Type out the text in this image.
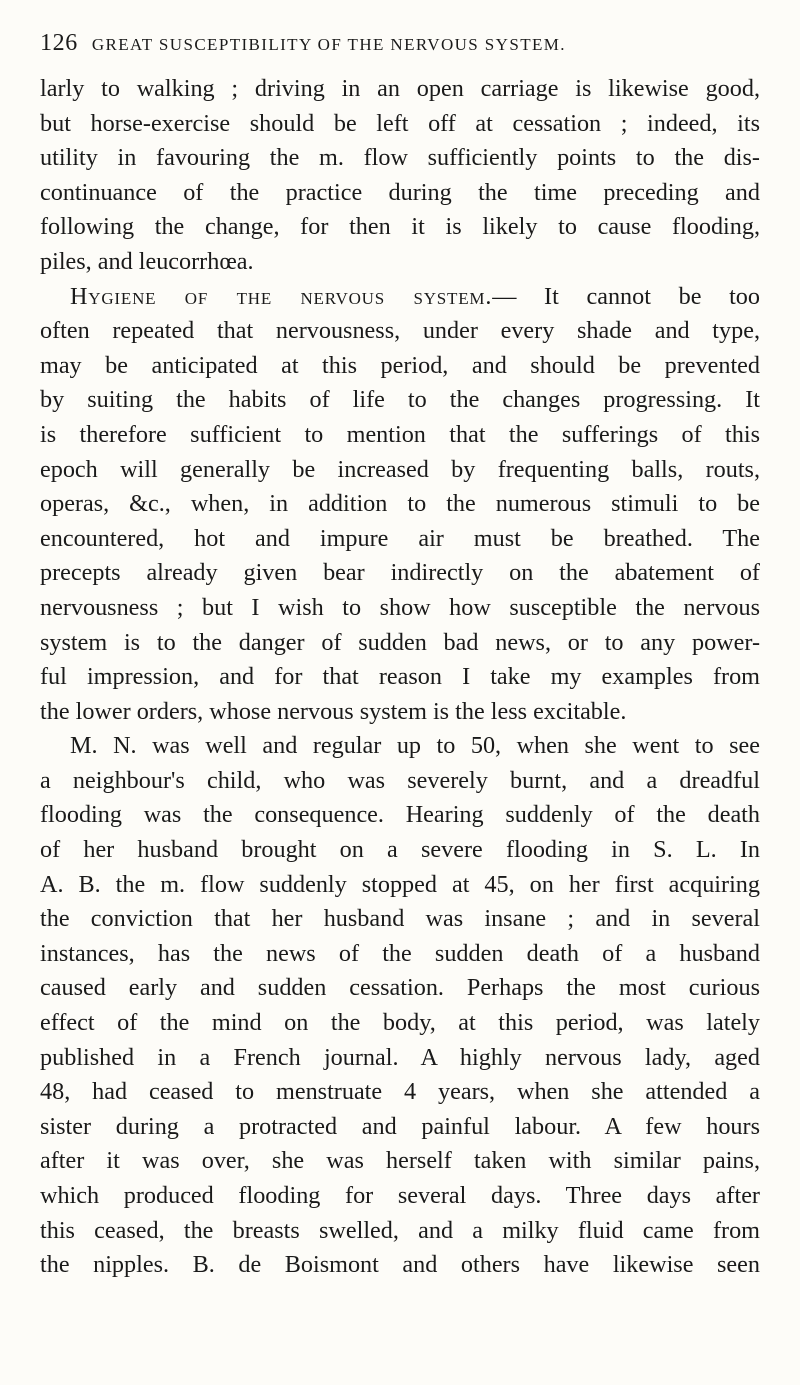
126 GREAT SUSCEPTIBILITY OF THE NERVOUS SYSTEM.
larly to walking ; driving in an open carriage is likewise good,
but horse-exercise should be left off at cessation ; indeed, its
utility in favouring the m. flow sufficiently points to the dis-
continuance of the practice during the time preceding and
following the change, for then it is likely to cause flooding,
piles, and leucorrhœa.
Hygiene of the nervous system.— It cannot be too
often repeated that nervousness, under every shade and type,
may be anticipated at this period, and should be prevented
by suiting the habits of life to the changes progressing. It
is therefore sufficient to mention that the sufferings of this
epoch will generally be increased by frequenting balls, routs,
operas, &c., when, in addition to the numerous stimuli to be
encountered, hot and impure air must be breathed. The
precepts already given bear indirectly on the abatement of
nervousness ; but I wish to show how susceptible the nervous
system is to the danger of sudden bad news, or to any power-
ful impression, and for that reason I take my examples from
the lower orders, whose nervous system is the less excitable.
M. N. was well and regular up to 50, when she went to see
a neighbour's child, who was severely burnt, and a dreadful
flooding was the consequence. Hearing suddenly of the death
of her husband brought on a severe flooding in S. L. In
A. B. the m. flow suddenly stopped at 45, on her first acquiring
the conviction that her husband was insane ; and in several
instances, has the news of the sudden death of a husband
caused early and sudden cessation. Perhaps the most curious
effect of the mind on the body, at this period, was lately
published in a French journal. A highly nervous lady, aged
48, had ceased to menstruate 4 years, when she attended a
sister during a protracted and painful labour. A few hours
after it was over, she was herself taken with similar pains,
which produced flooding for several days. Three days after
this ceased, the breasts swelled, and a milky fluid came from
the nipples. B. de Boismont and others have likewise seen
